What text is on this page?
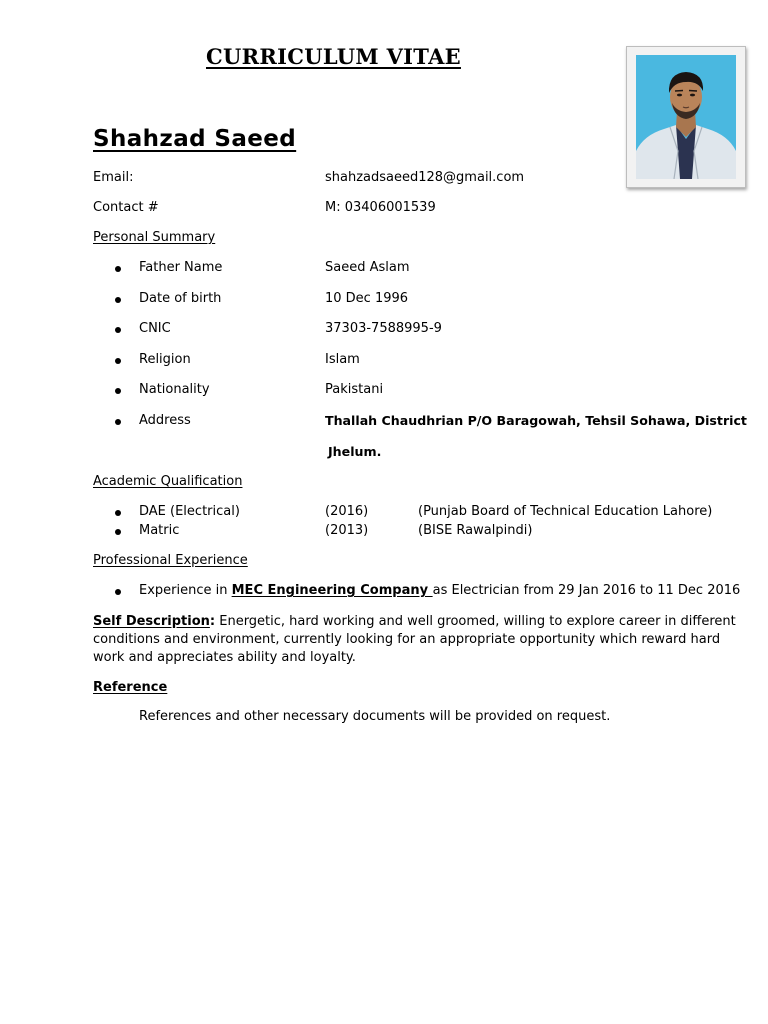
CURRICULUM VITAE
Shahzad Saeed
Email:	shahzadsaeed128@gmail.com
Contact #	M: 03406001539
Personal Summary
Father Name	Saeed Aslam
Date of birth	10 Dec 1996
CNIC	37303-7588995-9
Religion	Islam
Nationality	Pakistani
Address	Thallah Chaudhrian P/O Baragowah, Tehsil Sohawa, District
Jhelum.
Academic Qualification
DAE (Electrical)	(2016)	(Punjab Board of Technical Education Lahore)
Matric	(2013)	(BISE Rawalpindi)
Professional Experience
Experience in MEC Engineering Company as Electrician from 29 Jan 2016 to 11 Dec 2016
Self Description: Energetic, hard working and well groomed, willing to explore career in different conditions and environment, currently looking for an appropriate opportunity which reward hard work and appreciates ability and loyalty.
Reference
References and other necessary documents will be provided on request.
